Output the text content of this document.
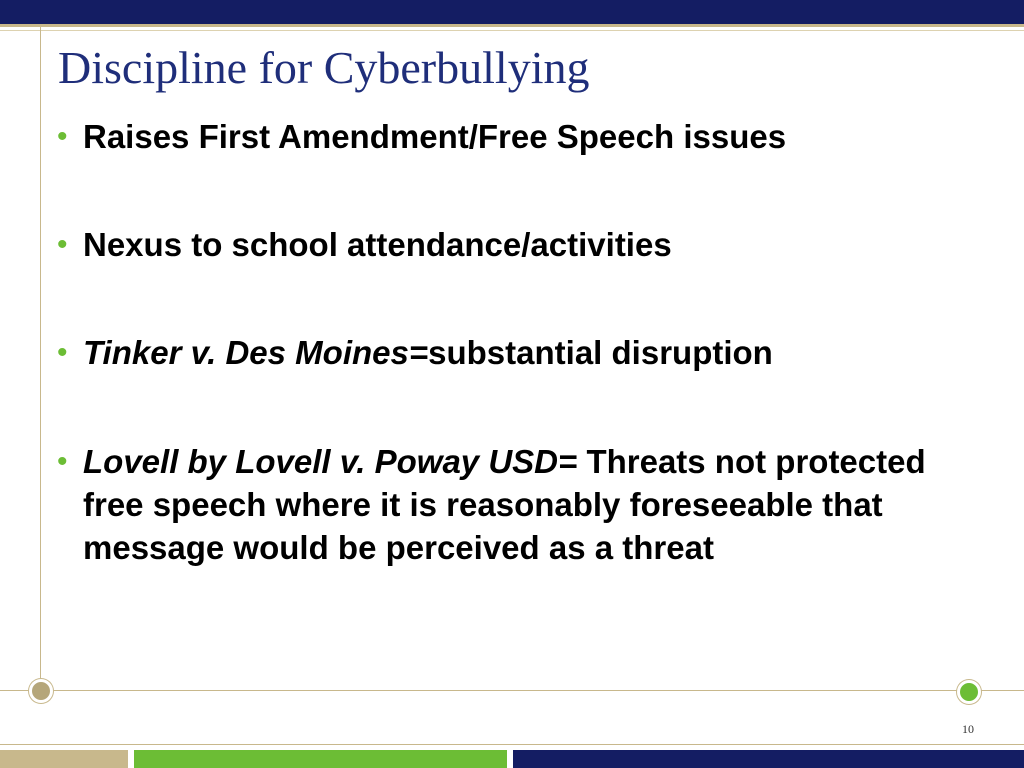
Discipline for Cyberbullying
• Raises First Amendment/Free Speech issues
• Nexus to school attendance/activities
• Tinker v. Des Moines=substantial disruption
• Lovell by Lovell v. Poway USD= Threats not protected free speech where it is reasonably foreseeable that message would be perceived as a threat
10
